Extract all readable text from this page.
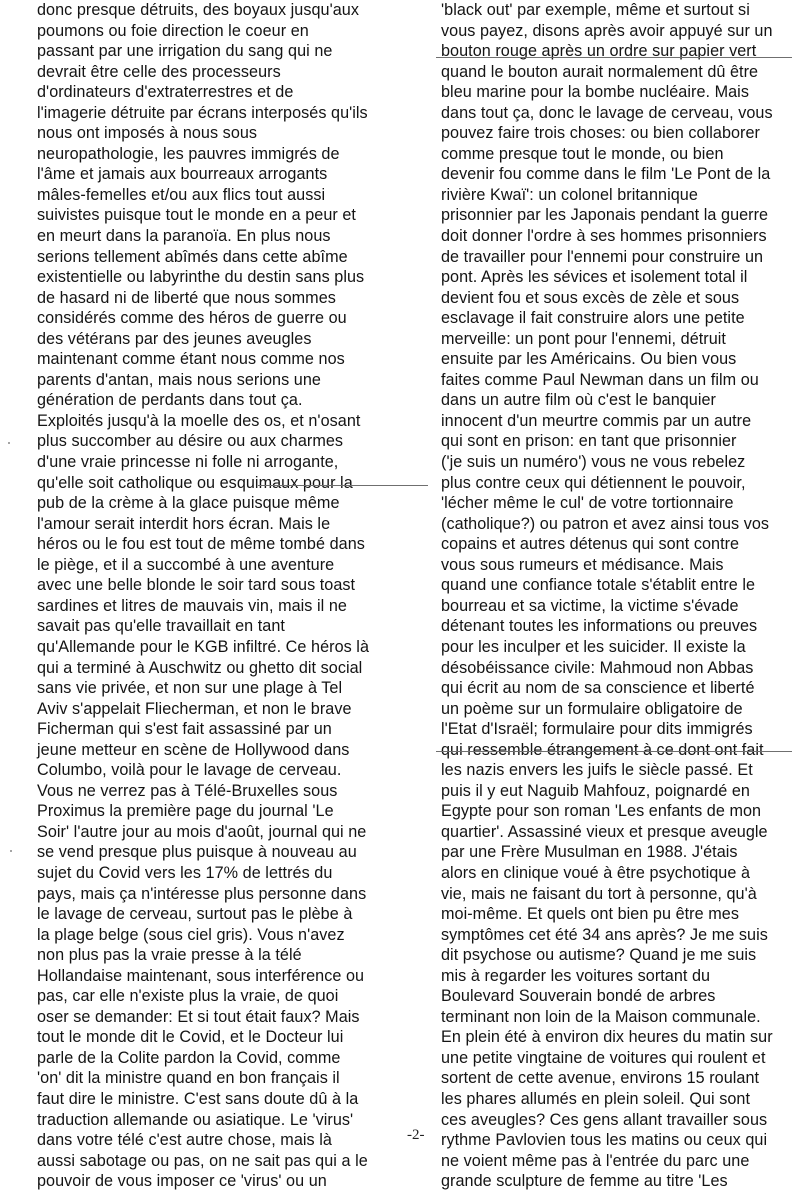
donc presque détruits, des boyaux jusqu'aux
poumons ou foie direction le coeur en
passant par une irrigation du sang qui ne
devrait être celle des processeurs
d'ordinateurs d'extraterrestres et de
l'imagerie détruite par écrans interposés qu'ils
nous ont imposés à nous sous
neuropathologie, les pauvres immigrés de
l'âme et jamais aux bourreaux arrogants
mâles-femelles et/ou aux flics tout aussi
suivistes puisque tout le monde en a peur et
en meurt dans la paranoïa. En plus nous
serions tellement abîmés dans cette abîme
existentielle ou labyrinthe du destin sans plus
de hasard ni de liberté que nous sommes
considérés comme des héros de guerre ou
des vétérans par des jeunes aveugles
maintenant comme étant nous comme nos
parents d'antan, mais nous serions une
génération de perdants dans tout ça.
Exploités jusqu'à la moelle des os, et n'osant
plus succomber au désire ou aux charmes
d'une vraie princesse ni folle ni arrogante,
qu'elle soit catholique ou esquimaux pour la
pub de la crème à la glace puisque même
l'amour serait interdit hors écran. Mais le
héros ou le fou est tout de même tombé dans
le piège, et il a succombé à une aventure
avec une belle blonde le soir tard sous toast
sardines et litres de mauvais vin, mais il ne
savait pas qu'elle travaillait en tant
qu'Allemande pour le KGB infiltré. Ce héros là
qui a terminé à Auschwitz ou ghetto dit social
sans vie privée, et non sur une plage à Tel
Aviv s'appelait Fliecherman, et non le brave
Ficherman qui s'est fait assassiné par un
jeune metteur en scène de Hollywood dans
Columbo, voilà pour le lavage de cerveau.
Vous ne verrez pas à Télé-Bruxelles sous
Proximus la première page du journal 'Le
Soir' l'autre jour au mois d'août, journal qui ne
se vend presque plus puisque à nouveau au
sujet du Covid vers les 17% de lettrés du
pays, mais ça n'intéresse plus personne dans
le lavage de cerveau, surtout pas le plèbe à
la plage belge (sous ciel gris). Vous n'avez
non plus pas la vraie presse à la télé
Hollandaise maintenant, sous interférence ou
pas, car elle n'existe plus la vraie, de quoi
oser se demander: Et si tout était faux? Mais
tout le monde dit le Covid, et le Docteur lui
parle de la Colite pardon la Covid, comme
'on' dit la ministre quand en bon français il
faut dire le ministre. C'est sans doute dû à la
traduction allemande ou asiatique. Le 'virus'
dans votre télé c'est autre chose, mais là
aussi sabotage ou pas, on ne sait pas qui a le
pouvoir de vous imposer ce 'virus' ou un
'black out' par exemple, même et surtout si
vous payez, disons après avoir appuyé sur un
bouton rouge après un ordre sur papier vert
quand le bouton aurait normalement dû être
bleu marine pour la bombe nucléaire. Mais
dans tout ça, donc le lavage de cerveau, vous
pouvez faire trois choses: ou bien collaborer
comme presque tout le monde, ou bien
devenir fou comme dans le film 'Le Pont de la
rivière Kwaï': un colonel britannique
prisonnier par les Japonais pendant la guerre
doit donner l'ordre à ses hommes prisonniers
de travailler pour l'ennemi pour construire un
pont. Après les sévices et isolement total il
devient fou et sous excès de zèle et sous
esclavage il fait construire alors une petite
merveille: un pont pour l'ennemi, détruit
ensuite par les Américains. Ou bien vous
faites comme Paul Newman dans un film ou
dans un autre film où c'est le banquier
innocent d'un meurtre commis par un autre
qui sont en prison: en tant que prisonnier
('je suis un numéro') vous ne vous rebelez
plus contre ceux qui détiennent le pouvoir,
'lécher même le cul' de votre tortionnaire
(catholique?) ou patron et avez ainsi tous vos
copains et autres détenus qui sont contre
vous sous rumeurs et médisance. Mais
quand une confiance totale s'établit entre le
bourreau et sa victime, la victime s'évade
détenant toutes les informations ou preuves
pour les inculper et les suicider. Il existe la
désobéissance civile: Mahmoud non Abbas
qui écrit au nom de sa conscience et liberté
un poème sur un formulaire obligatoire de
l'Etat d'Israël; formulaire pour dits immigrés
qui ressemble étrangement à ce dont ont fait
les nazis envers les juifs le siècle passé. Et
puis il y eut Naguib Mahfouz, poignardé en
Egypte pour son roman 'Les enfants de mon
quartier'. Assassiné vieux et presque aveugle
par une Frère Musulman en 1988. J'étais
alors en clinique voué à être psychotique à
vie, mais ne faisant du tort à personne, qu'à
moi-même. Et quels ont bien pu être mes
symptômes cet été 34 ans après? Je me suis
dit psychose ou autisme? Quand je me suis
mis à regarder les voitures sortant du
Boulevard Souverain bondé de arbres
terminant non loin de la Maison communale.
En plein été à environ dix heures du matin sur
une petite vingtaine de voitures qui roulent et
sortent de cette avenue, environs 15 roulant
les phares allumés en plein soleil. Qui sont
ces aveugles? Ces gens allant travailler sous
rythme Pavlovien tous les matins ou ceux qui
ne voient même pas à l'entrée du parc une
grande sculpture de femme au titre 'Les
-2-
